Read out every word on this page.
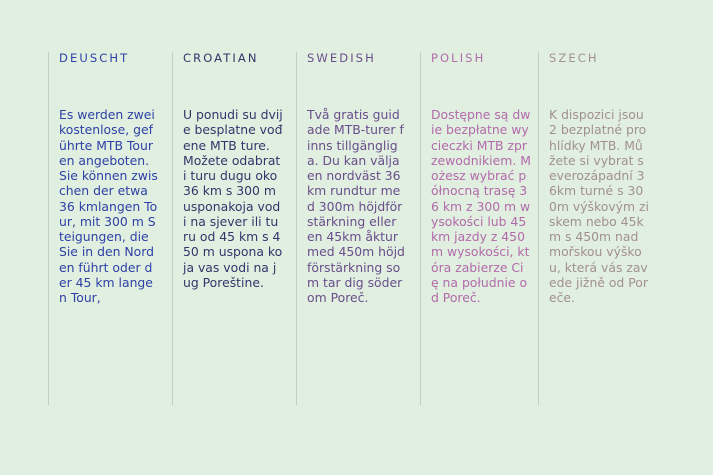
DEUSCHT

Es werden zwei kostenlose, geführte MTB Touren angeboten. Sie können zwischen der etwa 36 kmlangen Tour, mit 300 m Steigungen, die Sie in den Norden führt oder der 45 km langen Tour,

CROATIAN

U ponudi su dvije besplatne vođene MTB ture. Možete odabrati turu dugu oko 36 km s 300 m usponakoja vodi na sjever ili turu od 45 km s 450 m uspona koja vas vodi na jug Poreštine.

SWEDISH

Två gratis guidade MTB-turer finns tillgängliga. Du kan välja en nordväst 36km rundtur med 300m höjdförstärkning eller en 45km åktur med 450m höjdförstärkning som tar dig söder om Poreč.

POLISH

Dostępne są dwie bezpłatne wycieczki MTB zprzewodnikiem. Możesz wybrać północną trasę 36 km z 300 m wysokości lub 45 km jazdy z 450 m wysokości, która zabierze Cię na południe od Poreč.

SZECH

K dispozici jsou 2 bezplatné prohlídky MTB. Můžete si vybrat severozápadní 36km turné s 300m výškovým ziskem nebo 45km s 450m nadmořskou výškou, která vás zavede jižně od Poreče.
